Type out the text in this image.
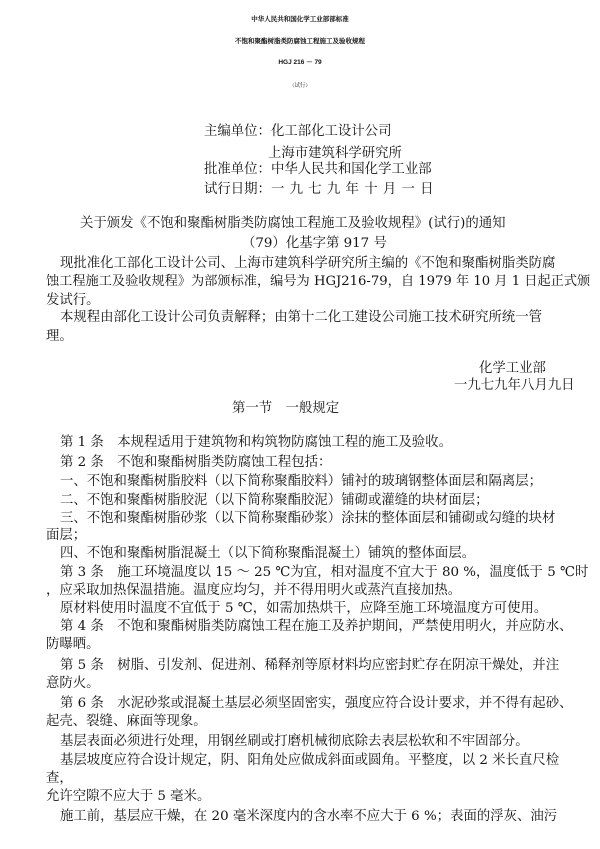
中华人民共和国化学工业部部标准
不饱和聚酯树脂类防腐蚀工程施工及验收规程
HGJ 216 － 79
（试行）
主编单位：化工部化工设计公司
上海市建筑科学研究所
批准单位：中华人民共和国化学工业部
试行日期：一 九 七 九 年 十 月 一 日
关于颁发《不饱和聚酯树脂类防腐蚀工程施工及验收规程》(试行)的通知
（79）化基字第 917 号
现批准化工部化工设计公司、上海市建筑科学研究所主编的《不饱和聚酯树脂类防腐
蚀工程施工及验收规程》为部颁标准，编号为 HGJ216-79，自 1979 年 10 月 1 日起正式颁
发试行。
本规程由部化工设计公司负责解释；由第十二化工建设公司施工技术研究所统一管
理。
化学工业部
一九七九年八月九日
第一节　一般规定
第 1 条　本规程适用于建筑物和构筑物防腐蚀工程的施工及验收。
第 2 条　不饱和聚酯树脂类防腐蚀工程包括：
一、不饱和聚酯树脂胶料（以下简称聚酯胶料）铺衬的玻璃钢整体面层和隔离层；
二、不饱和聚酯树脂胶泥（以下简称聚酯胶泥）铺砌或灌缝的块材面层；
三、不饱和聚酯树脂砂浆（以下简称聚酯砂浆）涂抹的整体面层和铺砌或勾缝的块材
面层；
四、不饱和聚酯树脂混凝土（以下简称聚酯混凝土）铺筑的整体面层。
第 3 条　施工环境温度以 15 ～ 25 ℃为宜，相对温度不宜大于 80 %，温度低于 5 ℃时
，应采取加热保温措施。温度应均匀，并不得用明火或蒸汽直接加热。
原材料使用时温度不宜低于 5 ℃，如需加热烘干，应降至施工环境温度方可使用。
第 4 条　不饱和聚酯树脂类防腐蚀工程在施工及养护期间，严禁使用明火，并应防水、
防曝晒。
第 5 条　树脂、引发剂、促进剂、稀释剂等原材料均应密封贮存在阴凉干燥处，并注
意防火。
第 6 条　水泥砂浆或混凝土基层必须坚固密实，强度应符合设计要求，并不得有起砂、
起壳、裂缝、麻面等现象。
基层表面必须进行处理，用钢丝刷或打磨机械彻底除去表层松软和不牢固部分。
基层坡度应符合设计规定，阴、阳角处应做成斜面或圆角。平整度，以 2 米长直尺检
查，
允许空隙不应大于 5 毫米。
施工前，基层应干燥，在 20 毫米深度内的含水率不应大于 6 %；表面的浮灰、油污
